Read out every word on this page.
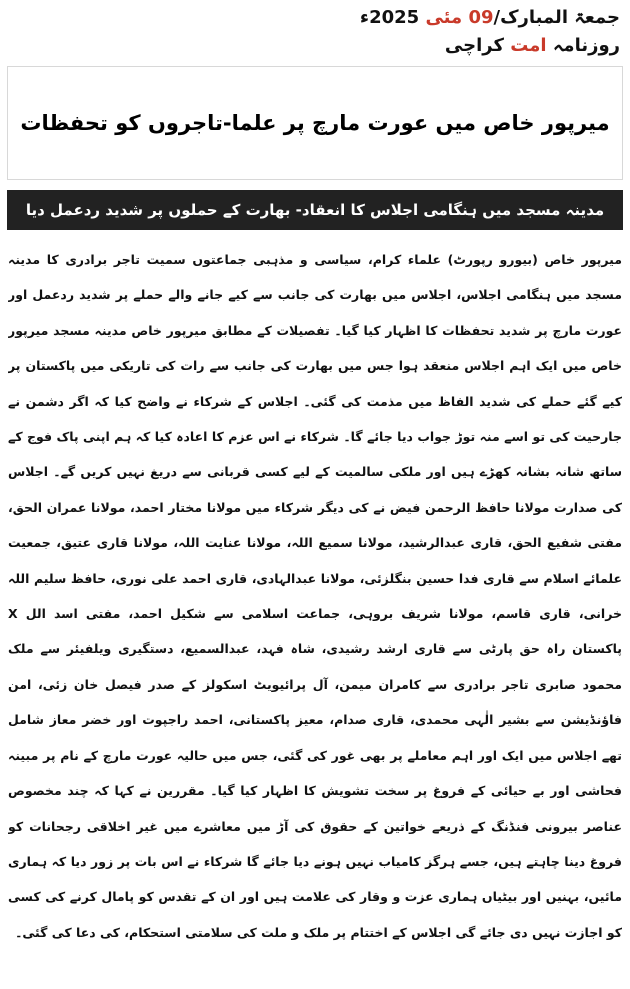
جمعۃ المبارک/09 مئی 2025ء
روزنامہ امت کراچی
میرپور خاص میں عورت مارچ پر علما-تاجروں کو تحفظات
مدینہ مسجد میں ہنگامی اجلاس کا انعقاد- بھارت کے حملوں پر شدید ردعمل دیا
میرپور خاص (بیورو رپورٹ) علماء کرام، سیاسی و مذہبی جماعتوں سمیت تاجر برادری کا مدینہ مسجد میں ہنگامی اجلاس، اجلاس میں بھارت کی جانب سے کیے جانے والے حملے پر شدید ردعمل اور عورت مارچ پر شدید تحفظات کا اظہار کیا گیا۔ تفصیلات کے مطابق میرپور خاص مدینہ مسجد میرپور خاص میں ایک اہم اجلاس منعقد ہوا جس میں بھارت کی جانب سے رات کی تاریکی میں پاکستان پر کیے گئے حملے کی شدید الفاظ میں مذمت کی گئی۔ اجلاس کے شرکاء نے واضح کیا کہ اگر دشمن نے جارحیت کی تو اسے منہ توڑ جواب دیا جائے گا۔ شرکاء نے اس عزم کا اعادہ کیا کہ ہم اپنی پاک فوج کے ساتھ شانہ بشانہ کھڑے ہیں اور ملکی سالمیت کے لیے کسی قربانی سے دریغ نہیں کریں گے۔ اجلاس کی صدارت مولانا حافظ الرحمن فیض نے کی دیگر شرکاء میں مولانا مختار احمد، مولانا عمران الحق، مفتی شفیع الحق، قاری عبدالرشید، مولانا سمیع اللہ، مولانا عنایت اللہ، مولانا قاری عتیق، جمعیت علمائے اسلام سے قاری فدا حسین بنگلزئی، مولانا عبدالہادی، قاری احمد علی نوری، حافظ سلیم اللہ خرانی، قاری قاسم، مولانا شریف بروہی، جماعت اسلامی سے شکیل احمد، مفتی اسد الل X پاکستان راہ حق پارٹی سے قاری ارشد رشیدی، شاہ فہد، عبدالسمیع، دستگیری ویلفیئر سے ملک محمود صابری تاجر برادری سے کامران میمن، آل پرائیویٹ اسکولز کے صدر فیصل خان زئی، امن فاؤنڈیشن سے بشیر الٰہی محمدی، قاری صدام، معیز پاکستانی، احمد راجپوت اور خضر معاز شامل تھے اجلاس میں ایک اور اہم معاملے پر بھی غور کی گئی، جس میں حالیہ عورت مارچ کے نام پر مبینہ فحاشی اور بے حیائی کے فروغ پر سخت تشویش کا اظہار کیا گیا۔ مقررین نے کہا کہ چند مخصوص عناصر بیرونی فنڈنگ کے ذریعے خواتین کے حقوق کی آڑ میں معاشرے میں غیر اخلاقی رجحانات کو فروغ دینا چاہتے ہیں، جسے ہرگز کامیاب نہیں ہونے دیا جائے گا شرکاء نے اس بات پر زور دیا کہ ہماری مائیں، بہنیں اور بیٹیاں ہماری عزت و وقار کی علامت ہیں اور ان کے تقدس کو پامال کرنے کی کسی کو اجازت نہیں دی جائے گی اجلاس کے اختتام پر ملک و ملت کی سلامتی استحکام، کی دعا کی گئی۔
